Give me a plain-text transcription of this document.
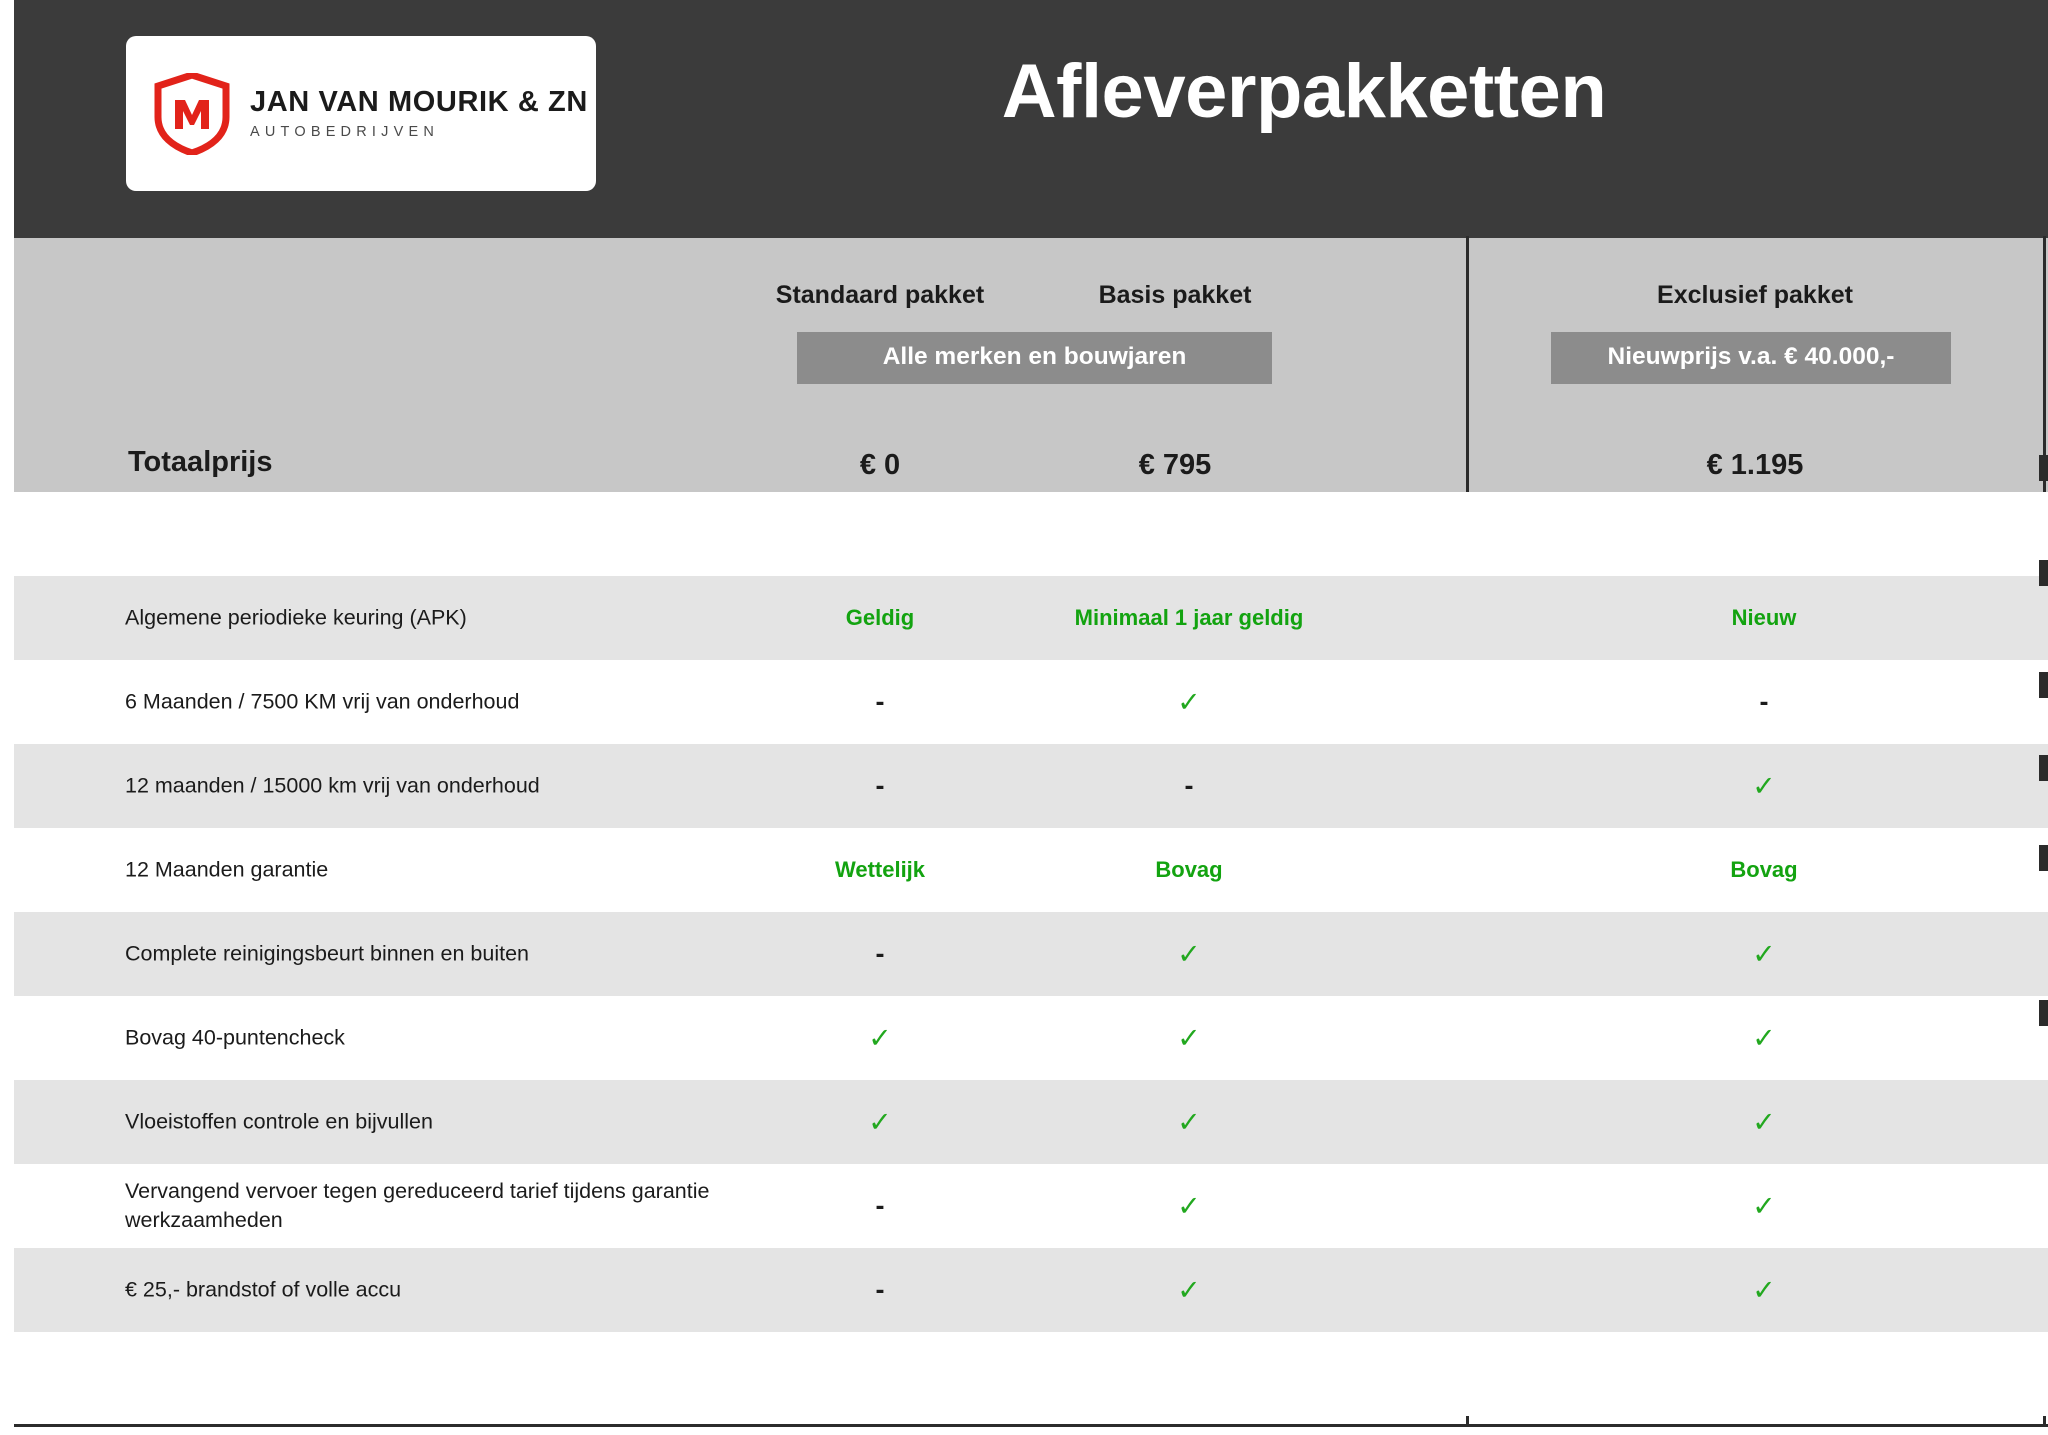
JAN VAN MOURIK & ZN
AUTOBEDRIJVEN	Afleverpakketten
Standaard pakket	Basis pakket	Exclusief pakket
Alle merken en bouwjaren	Nieuwprijs v.a. € 40.000,-
Totaalprijs	€ 0	€ 795	€ 1.195
Algemene periodieke keuring (APK)	Geldig	Minimaal 1 jaar geldig	Nieuw
6 Maanden / 7500 KM vrij van onderhoud	-	✓	-
12 maanden / 15000 km vrij van onderhoud	-	-	✓
12 Maanden garantie	Wettelijk	Bovag	Bovag
Complete reinigingsbeurt binnen en buiten	-	✓	✓
Bovag 40-puntencheck	✓	✓	✓
Vloeistoffen controle en bijvullen	✓	✓	✓
Vervangend vervoer tegen gereduceerd tarief tijdens garantie werkzaamheden	-	✓	✓
€ 25,- brandstof of volle accu	-	✓	✓
